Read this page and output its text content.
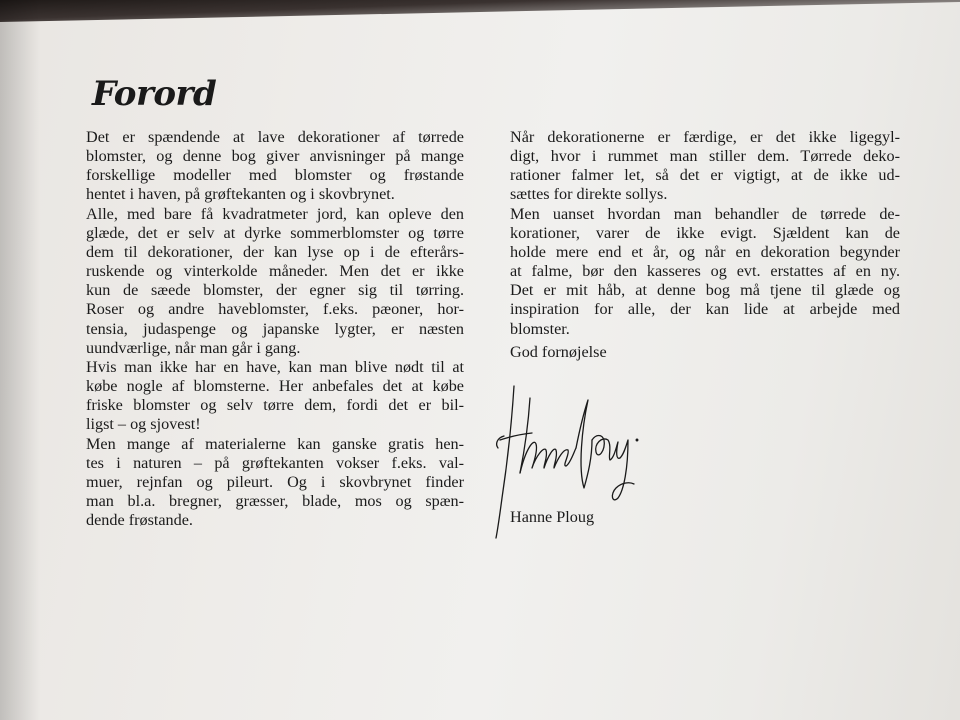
Forord
Det er spændende at lave dekorationer af tørrede
blomster, og denne bog giver anvisninger på mange
forskellige modeller med blomster og frøstande
hentet i haven, på grøftekanten og i skovbrynet.
Alle, med bare få kvadratmeter jord, kan opleve den
glæde, det er selv at dyrke sommerblomster og tørre
dem til dekorationer, der kan lyse op i de efterårs-
ruskende og vinterkolde måneder. Men det er ikke
kun de sæede blomster, der egner sig til tørring.
Roser og andre haveblomster, f.eks. pæoner, hor-
tensia, judaspenge og japanske lygter, er næsten
uundværlige, når man går i gang.
Hvis man ikke har en have, kan man blive nødt til at
købe nogle af blomsterne. Her anbefales det at købe
friske blomster og selv tørre dem, fordi det er bil-
ligst – og sjovest!
Men mange af materialerne kan ganske gratis hen-
tes i naturen – på grøftekanten vokser f.eks. val-
muer, rejnfan og pileurt. Og i skovbrynet finder
man bl.a. bregner, græsser, blade, mos og spæn-
dende frøstande.
Når dekorationerne er færdige, er det ikke ligegyl-
digt, hvor i rummet man stiller dem. Tørrede deko-
rationer falmer let, så det er vigtigt, at de ikke ud-
sættes for direkte sollys.
Men uanset hvordan man behandler de tørrede de-
korationer, varer de ikke evigt. Sjældent kan de
holde mere end et år, og når en dekoration begynder
at falme, bør den kasseres og evt. erstattes af en ny.
Det er mit håb, at denne bog må tjene til glæde og
inspiration for alle, der kan lide at arbejde med
blomster.
God fornøjelse
Hanne Ploug
